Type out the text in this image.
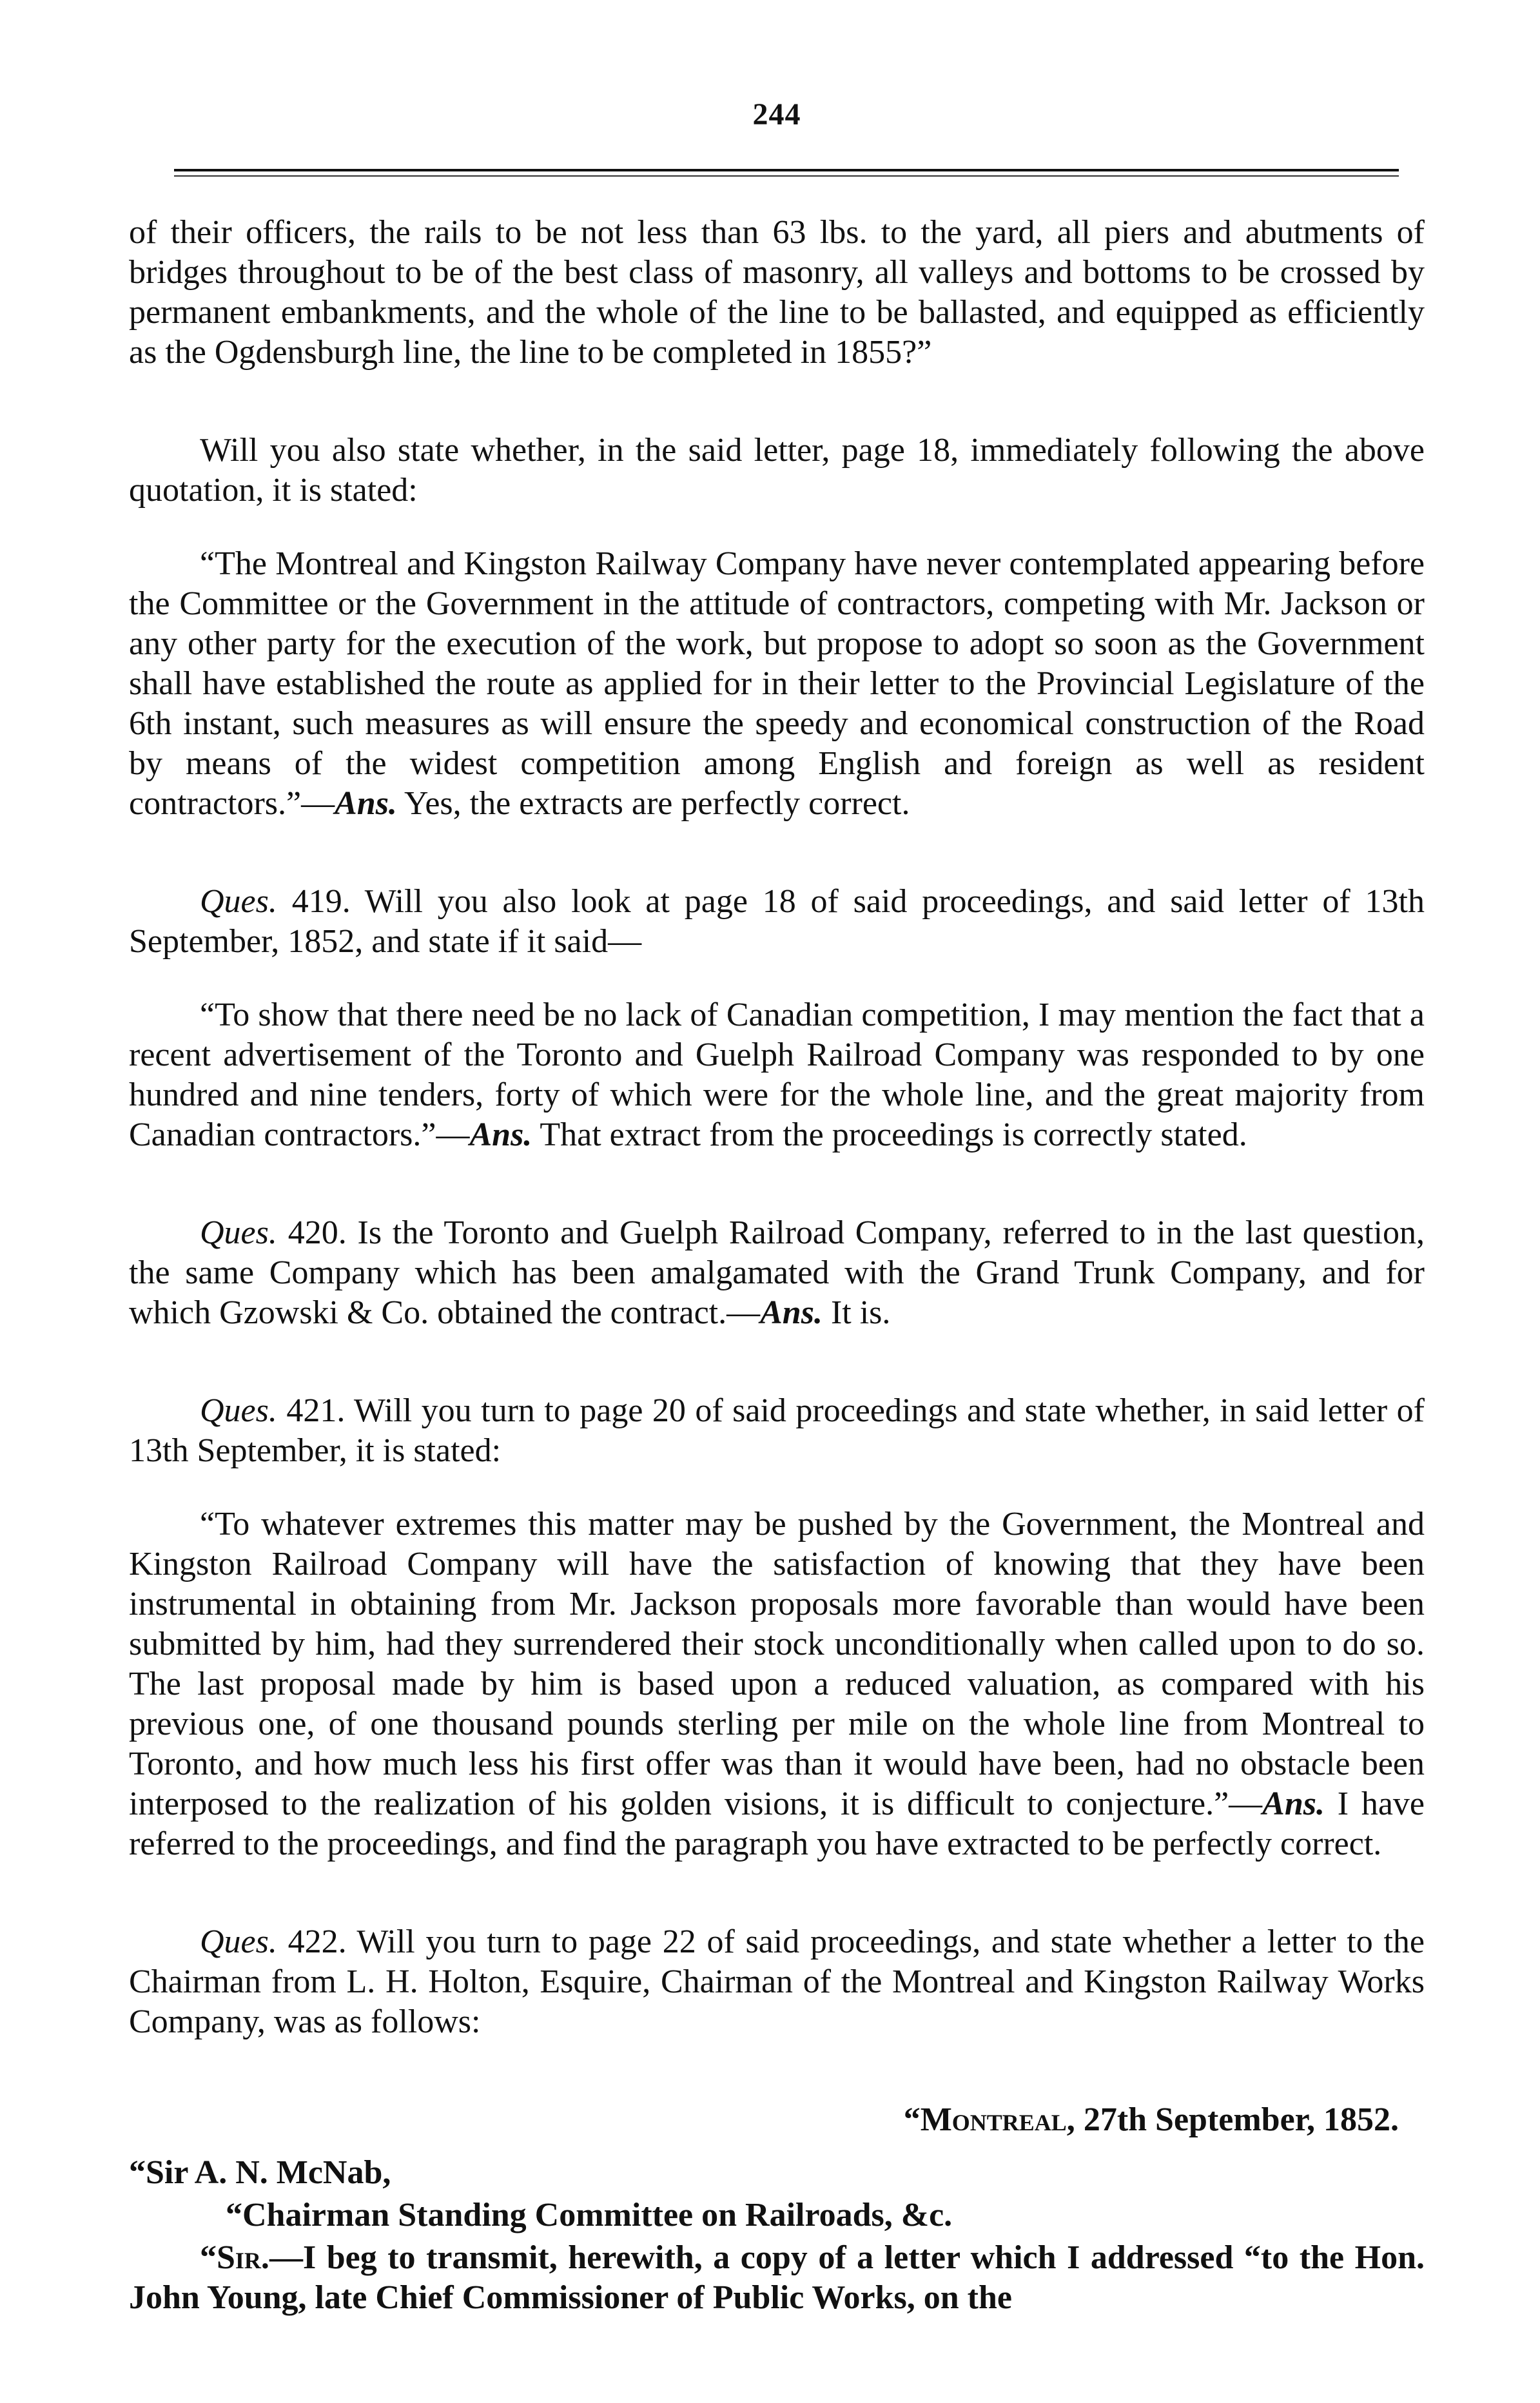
244

of their officers, the rails to be not less than 63 lbs. to the yard, all piers and abutments of bridges throughout to be of the best class of masonry, all valleys and bottoms to be crossed by permanent embankments, and the whole of the line to be ballasted, and equipped as efficiently as the Ogdensburgh line, the line to be completed in 1855?”

Will you also state whether, in the said letter, page 18, immediately following the above quotation, it is stated:

“The Montreal and Kingston Railway Company have never contemplated appearing before the Committee or the Government in the attitude of contractors, competing with Mr. Jackson or any other party for the execution of the work, but propose to adopt so soon as the Government shall have established the route as applied for in their letter to the Provincial Legislature of the 6th instant, such measures as will ensure the speedy and economical construction of the Road by means of the widest competition among English and foreign as well as resident contractors.”—Ans. Yes, the extracts are perfectly correct.

Ques. 419. Will you also look at page 18 of said proceedings, and said letter of 13th September, 1852, and state if it said—

“To show that there need be no lack of Canadian competition, I may mention the fact that a recent advertisement of the Toronto and Guelph Railroad Company was responded to by one hundred and nine tenders, forty of which were for the whole line, and the great majority from Canadian contractors.”—Ans. That extract from the proceedings is correctly stated.

Ques. 420. Is the Toronto and Guelph Railroad Company, referred to in the last question, the same Company which has been amalgamated with the Grand Trunk Company, and for which Gzowski & Co. obtained the contract.—Ans. It is.

Ques. 421. Will you turn to page 20 of said proceedings and state whether, in said letter of 13th September, it is stated:

“To whatever extremes this matter may be pushed by the Government, the Montreal and Kingston Railroad Company will have the satisfaction of knowing that they have been instrumental in obtaining from Mr. Jackson proposals more favorable than would have been submitted by him, had they surrendered their stock unconditionally when called upon to do so. The last proposal made by him is based upon a reduced valuation, as compared with his previous one, of one thousand pounds sterling per mile on the whole line from Montreal to Toronto, and how much less his first offer was than it would have been, had no obstacle been interposed to the realization of his golden visions, it is difficult to conjecture.”—Ans. I have referred to the proceedings, and find the paragraph you have extracted to be perfectly correct.

Ques. 422. Will you turn to page 22 of said proceedings, and state whether a letter to the Chairman from L. H. Holton, Esquire, Chairman of the Montreal and Kingston Railway Works Company, was as follows:

“Montreal, 27th September, 1852.

“Sir A. N. McNab,

“Chairman Standing Committee on Railroads, &c.

“Sir.—I beg to transmit, herewith, a copy of a letter which I addressed “to the Hon. John Young, late Chief Commissioner of Public Works, on the
